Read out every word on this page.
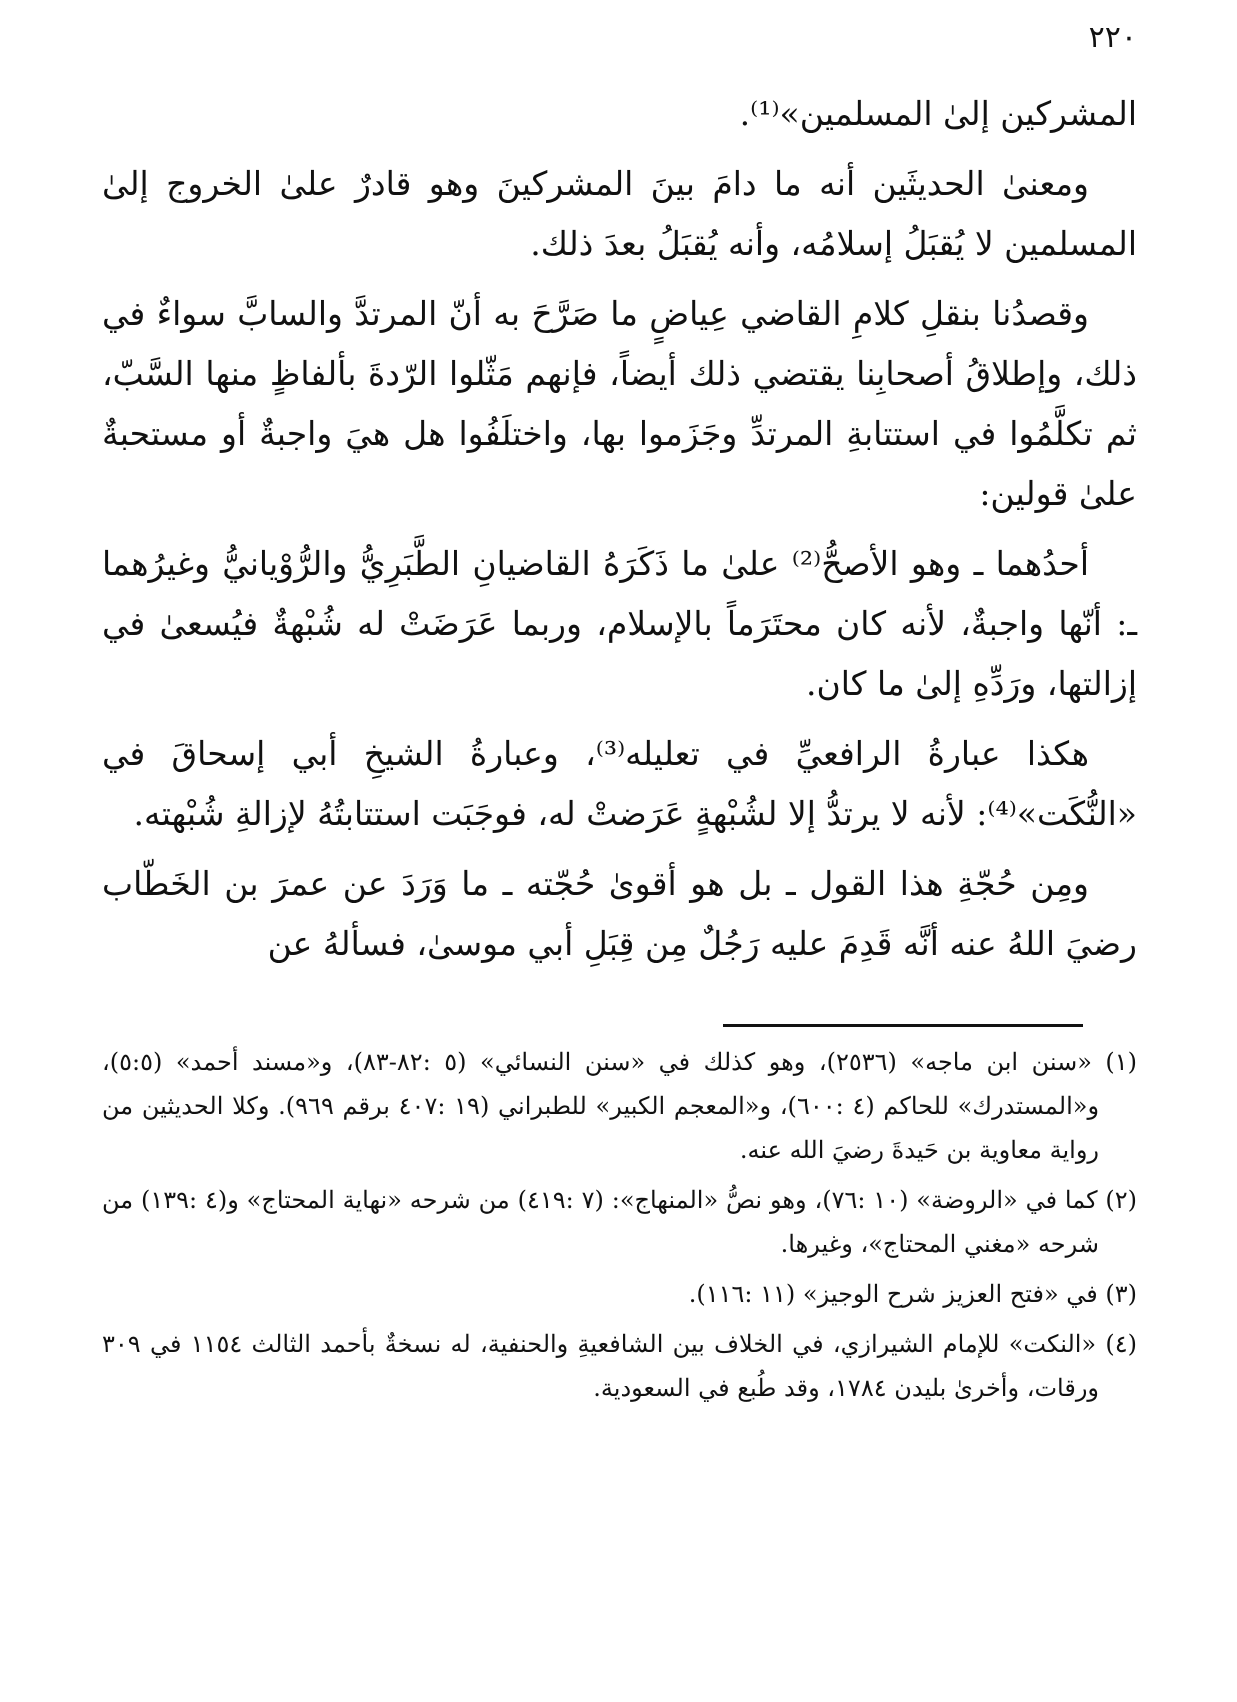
٢٢٠

المشركين إلىٰ المسلمين»⁽¹⁾.

ومعنىٰ الحديثَين أنه ما دامَ بينَ المشركينَ وهو قادرٌ علىٰ الخروج إلىٰ المسلمين لا يُقبَلُ إسلامُه، وأنه يُقبَلُ بعدَ ذلك.

وقصدُنا بنقلِ كلامِ القاضي عِياضٍ ما صَرَّحَ به أنّ المرتدَّ والسابَّ سواءٌ في ذلك، وإطلاقُ أصحابِنا يقتضي ذلك أيضاً، فإنهم مَثّلوا الرّدةَ بألفاظٍ منها السَّبّ، ثم تكلَّمُوا في استتابةِ المرتدِّ وجَزَموا بها، واختلَفُوا هل هيَ واجبةٌ أو مستحبةٌ علىٰ قولين:

أحدُهما ـ وهو الأصحُّ⁽²⁾ علىٰ ما ذَكَرَهُ القاضيانِ الطَّبَرِيُّ والرُّوْيانيُّ وغيرُهما ـ: أنّها واجبةٌ، لأنه كان محتَرَماً بالإسلام، وربما عَرَضَتْ له شُبْهةٌ فيُسعىٰ في إزالتها، ورَدِّهِ إلىٰ ما كان.

هكذا عبارةُ الرافعيِّ في تعليله⁽³⁾، وعبارةُ الشيخِ أبي إسحاقَ في «النُّكَت»⁽⁴⁾: لأنه لا يرتدُّ إلا لشُبْهةٍ عَرَضتْ له، فوجَبَت استتابتُهُ لإزالةِ شُبْهته.

ومِن حُجّةِ هذا القول ـ بل هو أقوىٰ حُجّته ـ ما وَرَدَ عن عمرَ بن الخَطّاب رضيَ اللهُ عنه أنَّه قَدِمَ عليه رَجُلٌ مِن قِبَلِ أبي موسىٰ، فسألهُ عن

(١) «سنن ابن ماجه» (٢٥٣٦)، وهو كذلك في «سنن النسائي» (٥ :٨٢-٨٣)، و«مسند أحمد» (٥:٥)، و«المستدرك» للحاكم (٤ :٦٠٠)، و«المعجم الكبير» للطبراني (١٩ :٤٠٧ برقم ٩٦٩). وكلا الحديثين من رواية معاوية بن حَيدةَ رضيَ الله عنه.

(٢) كما في «الروضة» (١٠ :٧٦)، وهو نصُّ «المنهاج»: (٧ :٤١٩) من شرحه «نهاية المحتاج» و(٤ :١٣٩) من شرحه «مغني المحتاج»، وغيرها.

(٣) في «فتح العزيز شرح الوجيز» (١١ :١١٦).

(٤) «النكت» للإمام الشيرازي، في الخلاف بين الشافعيةِ والحنفية، له نسخةٌ بأحمد الثالث ١١٥٤ في ٣٠٩ ورقات، وأخرىٰ بليدن ١٧٨٤، وقد طُبع في السعودية.
